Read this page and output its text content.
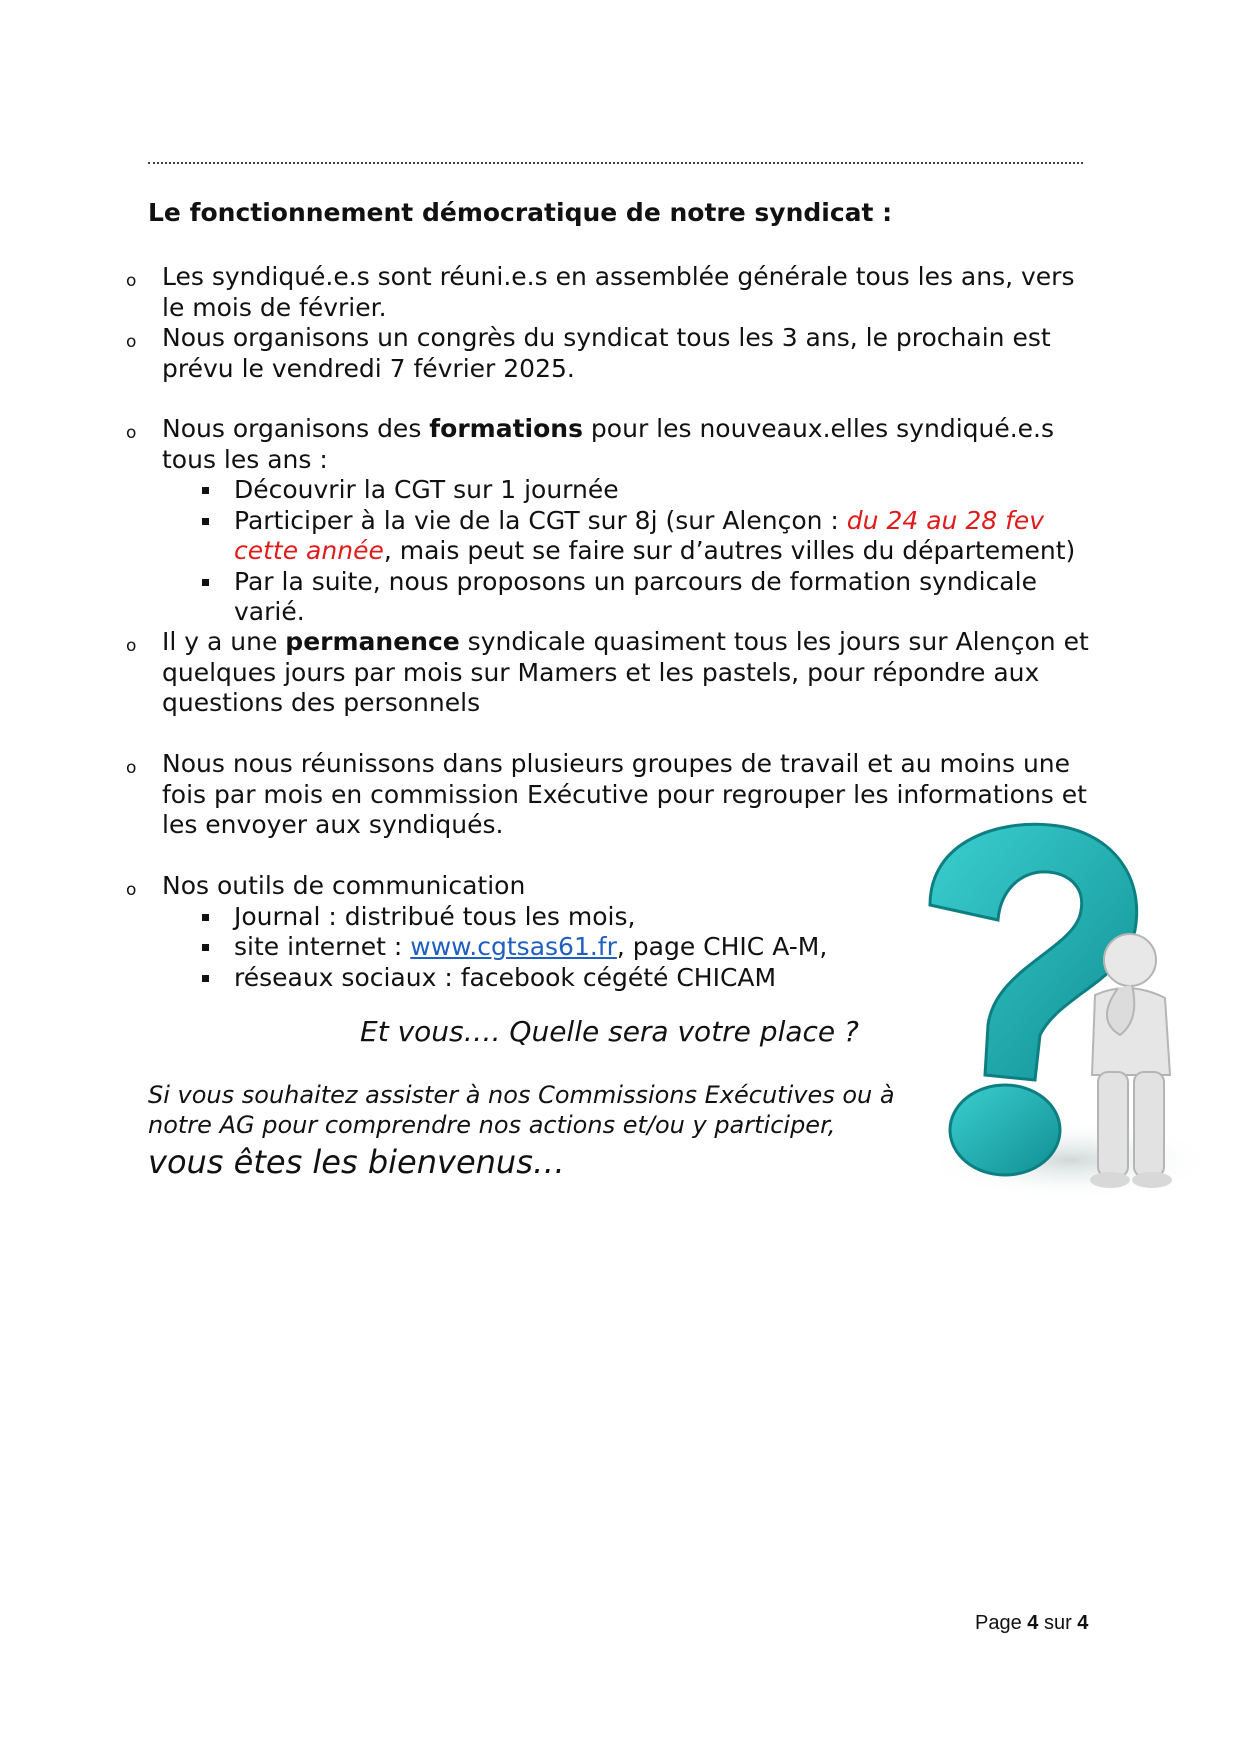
Le fonctionnement démocratique de notre syndicat :
o Les syndiqué.e.s sont réuni.e.s en assemblée générale tous les ans, vers le mois de février.
o Nous organisons un congrès du syndicat tous les 3 ans, le prochain est prévu le vendredi 7 février 2025.
o Nous organisons des formations pour les nouveaux.elles syndiqué.e.s tous les ans :
Découvrir la CGT sur 1 journée
Participer à la vie de la CGT sur 8j (sur Alençon : du 24 au 28 fev cette année, mais peut se faire sur d’autres villes du département)
Par la suite, nous proposons un parcours de formation syndicale varié.
o Il y a une permanence syndicale quasiment tous les jours sur Alençon et quelques jours par mois sur Mamers et les pastels, pour répondre aux questions des personnels
o Nous nous réunissons dans plusieurs groupes de travail et au moins une fois par mois en commission Exécutive pour regrouper les informations et les envoyer aux syndiqués.
o Nos outils de communication
Journal : distribué tous les mois,
site internet : www.cgtsas61.fr, page CHIC A-M,
réseaux sociaux : facebook cégété CHICAM
Et vous…. Quelle sera votre place ?
Si vous souhaitez assister à nos Commissions Exécutives ou à notre AG pour comprendre nos actions et/ou y participer,
vous êtes les bienvenus…
Page 4 sur 4
